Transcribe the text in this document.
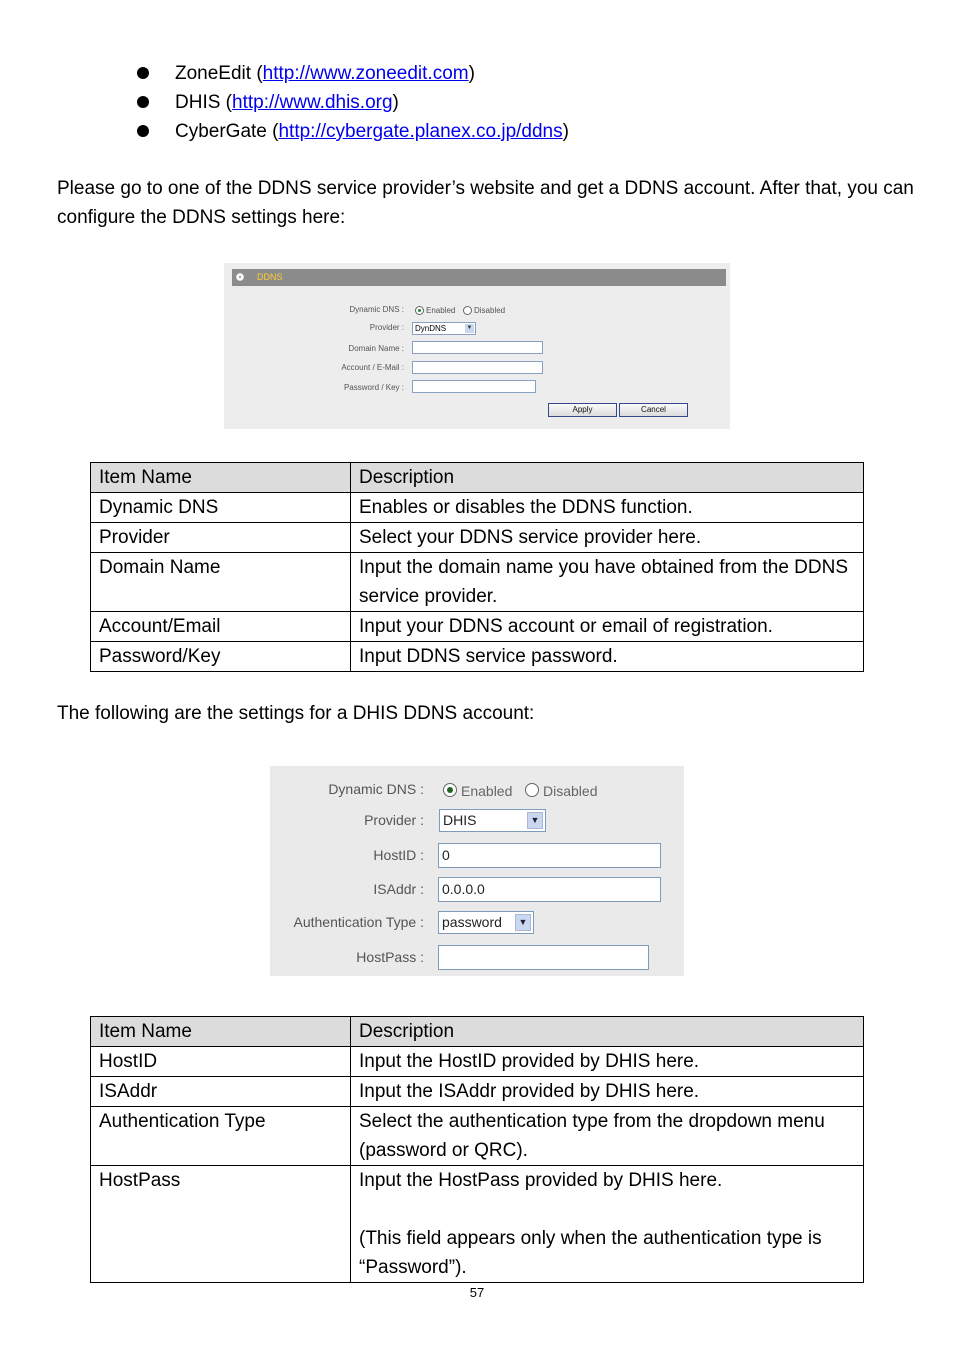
ZoneEdit (http://www.zoneedit.com)
DHIS (http://www.dhis.org)
CyberGate (http://cybergate.planex.co.jp/ddns)
Please go to one of the DDNS service provider’s website and get a DDNS account. After that, you can configure the DDNS settings here:
DDNS
Dynamic DNS :	Enabled Disabled
Provider :	DynDNS	▼
Domain Name :
Account / E-Mail :
Password / Key :
Apply	Cancel
Item Name	Description
Dynamic DNS	Enables or disables the DDNS function.
Provider	Select your DDNS service provider here.
Domain Name	Input the domain name you have obtained from the DDNS service provider.
Account/Email	Input your DDNS account or email of registration.
Password/Key	Input DDNS service password.
The following are the settings for a DHIS DDNS account:
Dynamic DNS :	Enabled Disabled
Provider : DHIS	▼
HostID : 0
ISAddr : 0.0.0.0
Authentication Type : password	▼
HostPass :
Item Name	Description
HostID	Input the HostID provided by DHIS here.
ISAddr	Input the ISAddr provided by DHIS here.
Authentication Type	Select the authentication type from the dropdown menu (password or QRC).
HostPass	Input the HostPass provided by DHIS here.
(This field appears only when the authentication type is “Password”).
57
